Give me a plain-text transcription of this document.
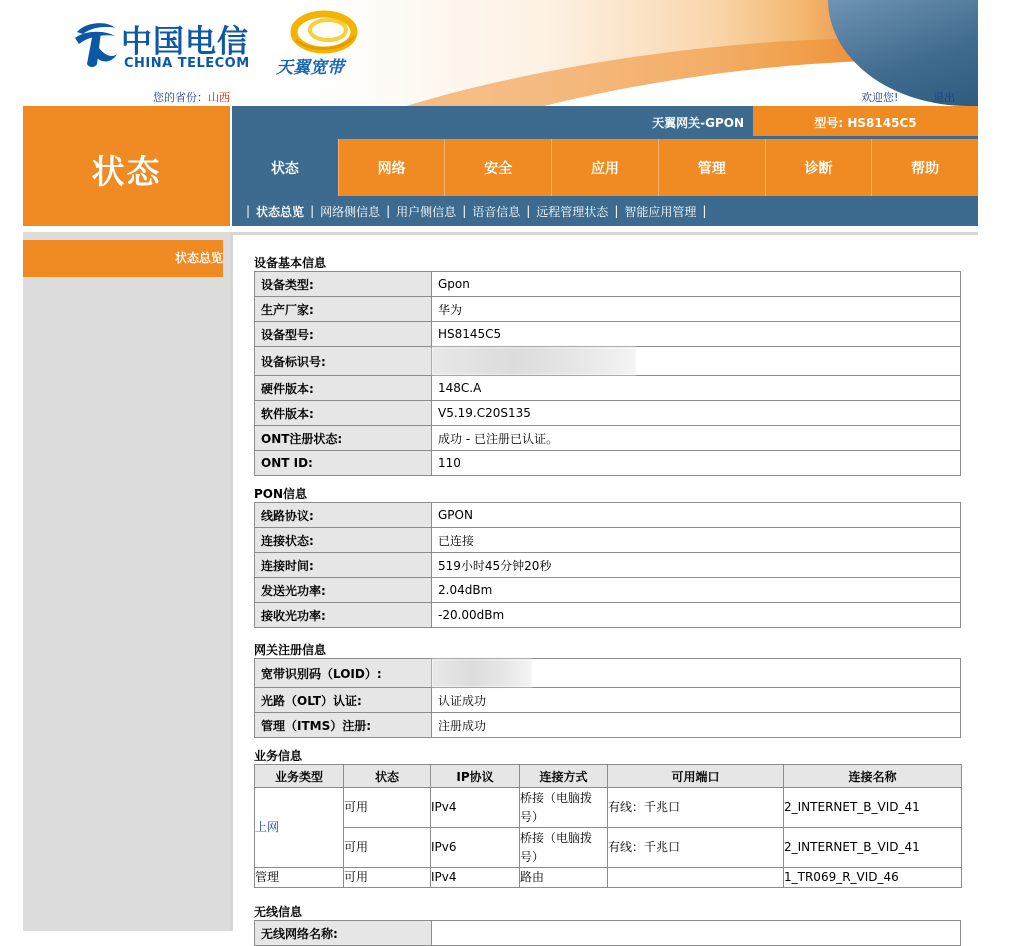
中国电信
CHINA TELECOM 天翼宽带
您的省份：山西	欢迎您!	退出
状态
天翼网关-GPON	型号: HS8145C5
状态	网络	安全	应用	管理	诊断	帮助
| 状态总览 | 网络侧信息 | 用户侧信息 | 语音信息 | 远程管理状态 | 智能应用管理 |
状态总览	设备基本信息
设备类型:	Gpon
生产厂家:	华为
设备型号:	HS8145C5
设备标识号:	
硬件版本:	148C.A
软件版本:	V5.19.C20S135
ONT注册状态:	成功 - 已注册已认证。
ONT ID:	110
PON信息
线路协议:	GPON
连接状态:	已连接
连接时间:	519小时45分钟20秒
发送光功率:	2.04dBm
接收光功率:	-20.00dBm
网关注册信息
宽带识别码（LOID）:	
光路（OLT）认证:	认证成功
管理（ITMS）注册:	注册成功
业务信息
业务类型	状态	IP协议	连接方式	可用端口	连接名称
上网	可用	IPv4	桥接（电脑拨号）	有线：千兆口	2_INTERNET_B_VID_41
	可用	IPv6	桥接（电脑拨号）	有线：千兆口	2_INTERNET_B_VID_41
管理	可用	IPv4	路由		1_TR069_R_VID_46
无线信息
无线网络名称:	
